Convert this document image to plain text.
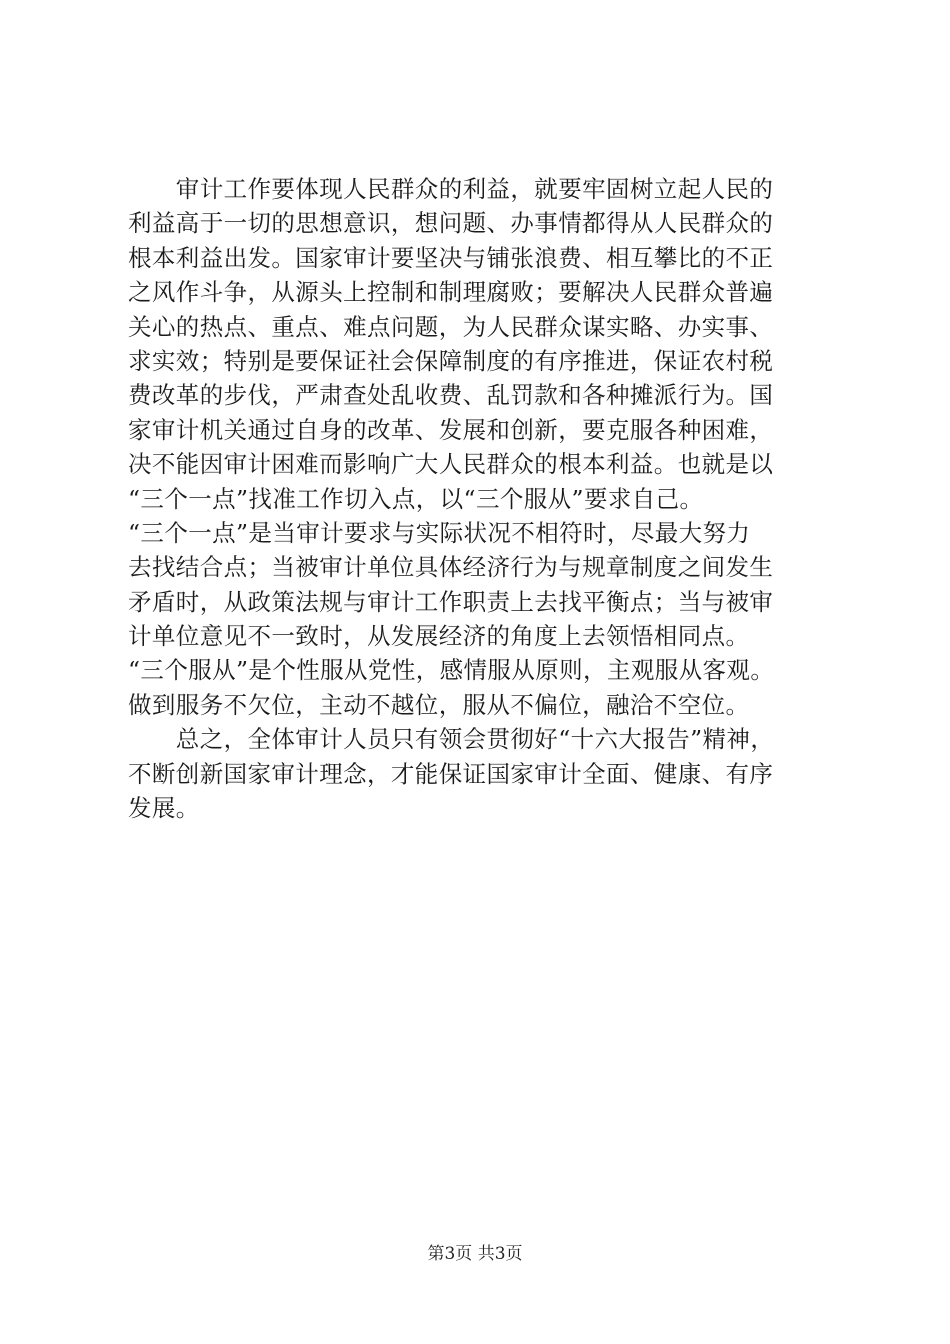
　　审计工作要体现人民群众的利益，就要牢固树立起人民的
利益高于一切的思想意识，想问题、办事情都得从人民群众的
根本利益出发。国家审计要坚决与铺张浪费、相互攀比的不正
之风作斗争，从源头上控制和制理腐败；要解决人民群众普遍
关心的热点、重点、难点问题，为人民群众谋实略、办实事、
求实效；特别是要保证社会保障制度的有序推进，保证农村税
费改革的步伐，严肃查处乱收费、乱罚款和各种摊派行为。国
家审计机关通过自身的改革、发展和创新，要克服各种困难，
决不能因审计困难而影响广大人民群众的根本利益。也就是以
“三个一点”找准工作切入点，以“三个服从”要求自己。
“三个一点”是当审计要求与实际状况不相符时，尽最大努力
去找结合点；当被审计单位具体经济行为与规章制度之间发生
矛盾时，从政策法规与审计工作职责上去找平衡点；当与被审
计单位意见不一致时，从发展经济的角度上去领悟相同点。
“三个服从”是个性服从党性，感情服从原则，主观服从客观。
做到服务不欠位，主动不越位，服从不偏位，融洽不空位。
　　总之，全体审计人员只有领会贯彻好“十六大报告”精神，
不断创新国家审计理念，才能保证国家审计全面、健康、有序
发展。
第3页 共3页
